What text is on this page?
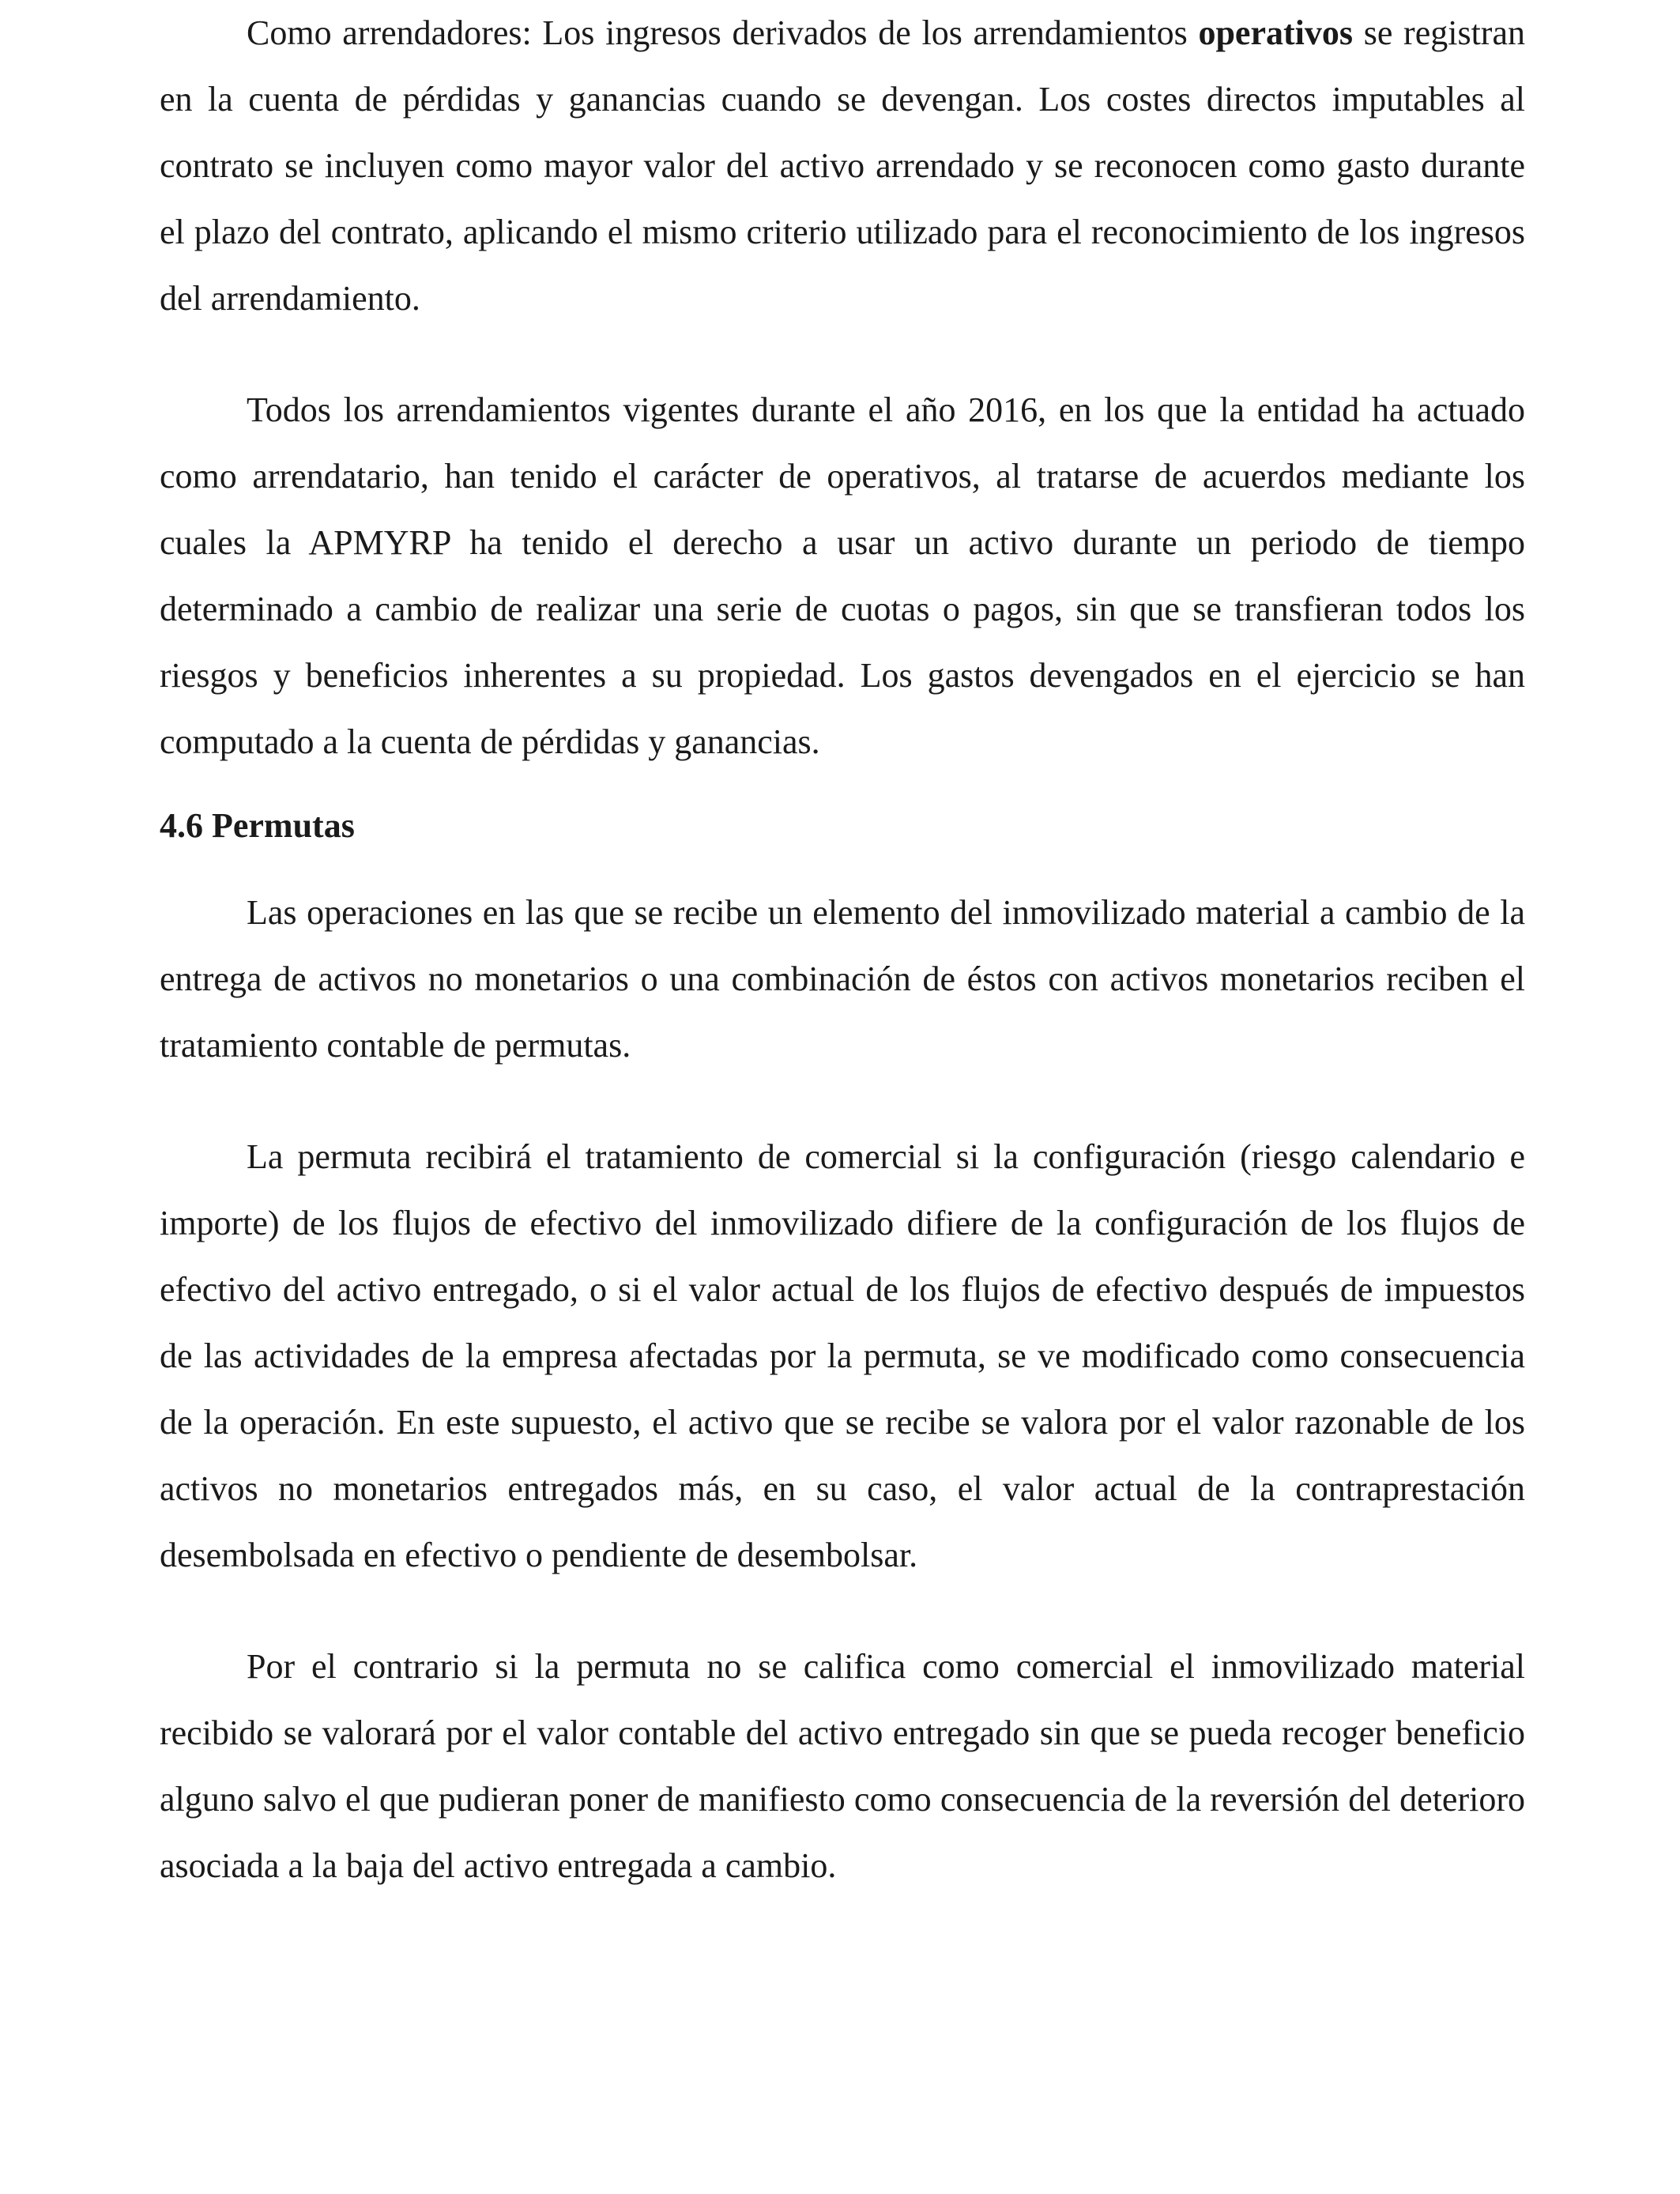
Como arrendadores: Los ingresos derivados de los arrendamientos operativos se registran en la cuenta de pérdidas y ganancias cuando se devengan. Los costes directos imputables al contrato se incluyen como mayor valor del activo arrendado y se reconocen como gasto durante el plazo del contrato, aplicando el mismo criterio utilizado para el reconocimiento de los ingresos del arrendamiento.

Todos los arrendamientos vigentes durante el año 2016, en los que la entidad ha actuado como arrendatario, han tenido el carácter de operativos, al tratarse de acuerdos mediante los cuales la APMYRP ha tenido el derecho a usar un activo durante un periodo de tiempo determinado a cambio de realizar una serie de cuotas o pagos, sin que se transfieran todos los riesgos y beneficios inherentes a su propiedad. Los gastos devengados en el ejercicio se han computado a la cuenta de pérdidas y ganancias.

4.6 Permutas

Las operaciones en las que se recibe un elemento del inmovilizado material a cambio de la entrega de activos no monetarios o una combinación de éstos con activos monetarios reciben el tratamiento contable de permutas.

La permuta recibirá el tratamiento de comercial si la configuración (riesgo calendario e importe) de los flujos de efectivo del inmovilizado difiere de la configuración de los flujos de efectivo del activo entregado, o si el valor actual de los flujos de efectivo después de impuestos de las actividades de la empresa afectadas por la permuta, se ve modificado como consecuencia de la operación. En este supuesto, el activo que se recibe se valora por el valor razonable de los activos no monetarios entregados más, en su caso, el valor actual de la contraprestación desembolsada en efectivo o pendiente de desembolsar.

Por el contrario si la permuta no se califica como comercial el inmovilizado material recibido se valorará por el valor contable del activo entregado sin que se pueda recoger beneficio alguno salvo el que pudieran poner de manifiesto como consecuencia de la reversión del deterioro asociada a la baja del activo entregada a cambio.
